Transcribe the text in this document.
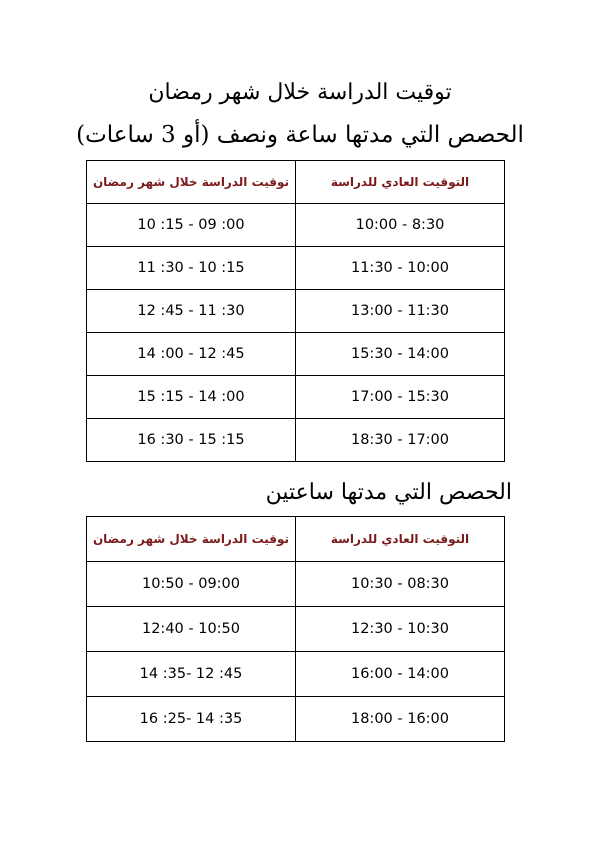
توقيت الدراسة خلال شهر رمضان
الحصص التي مدتها ساعة ونصف (أو 3 ساعات)
توقيت الدراسة خلال شهر رمضان	التوقيت العادي للدراسة
10 :15 - 09 :00	10:00 - 8:30
11 :30 - 10 :15	11:30 - 10:00
12 :45 - 11 :30	13:00 - 11:30
14 :00 - 12 :45	15:30 - 14:00
15 :15 - 14 :00	17:00 - 15:30
16 :30 - 15 :15	18:30 - 17:00
الحصص التي مدتها ساعتين
توقيت الدراسة خلال شهر رمضان	التوقيت العادي للدراسة
10:50 - 09:00	10:30 - 08:30
12:40 - 10:50	12:30 - 10:30
14 :35- 12 :45	16:00 - 14:00
16 :25- 14 :35	18:00 - 16:00
